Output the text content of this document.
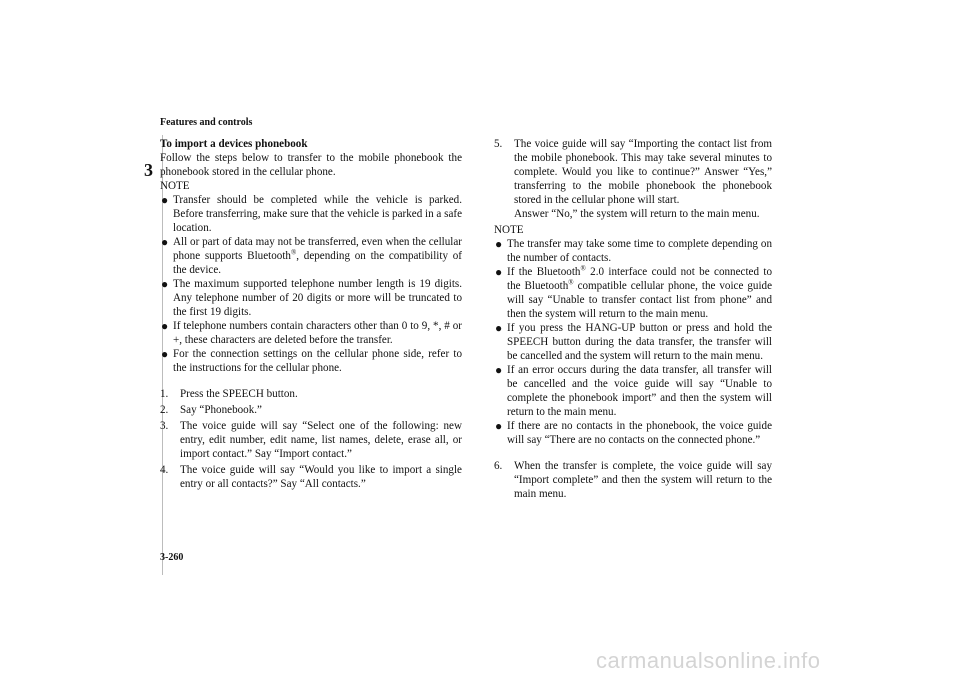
Features and controls
3

To import a devices phonebook

Follow the steps below to transfer to the mobile phonebook the phonebook stored in the cellular phone.

NOTE

● Transfer should be completed while the vehicle is parked. Before transferring, make sure that the vehicle is parked in a safe location.
● All or part of data may not be transferred, even when the cellular phone supports Bluetooth®, depending on the compatibility of the device.
● The maximum supported telephone number length is 19 digits. Any telephone number of 20 digits or more will be truncated to the first 19 digits.
● If telephone numbers contain characters other than 0 to 9, *, # or +, these characters are deleted before the transfer.
● For the connection settings on the cellular phone side, refer to the instructions for the cellular phone.
1. Press the SPEECH button.
2. Say “Phonebook.”
3. The voice guide will say “Select one of the following: new entry, edit number, edit name, list names, delete, erase all, or import contact.” Say “Import contact.”
4. The voice guide will say “Would you like to import a single entry or all contacts?” Say “All contacts.”
5. The voice guide will say “Importing the contact list from the mobile phonebook. This may take several minutes to complete. Would you like to continue?” Answer “Yes,” transferring to the mobile phonebook the phonebook stored in the cellular phone will start.
Answer “No,” the system will return to the main menu.

NOTE

● The transfer may take some time to complete depending on the number of contacts.
● If the Bluetooth® 2.0 interface could not be connected to the Bluetooth® compatible cellular phone, the voice guide will say “Unable to transfer contact list from phone” and then the system will return to the main menu.
● If you press the HANG-UP button or press and hold the SPEECH button during the data transfer, the transfer will be cancelled and the system will return to the main menu.
● If an error occurs during the data transfer, all transfer will be cancelled and the voice guide will say “Unable to complete the phonebook import” and then the system will return to the main menu.
● If there are no contacts in the phonebook, the voice guide will say “There are no contacts on the connected phone.”
6. When the transfer is complete, the voice guide will say “Import complete” and then the system will return to the main menu.
3-260
carmanualsonline.info
